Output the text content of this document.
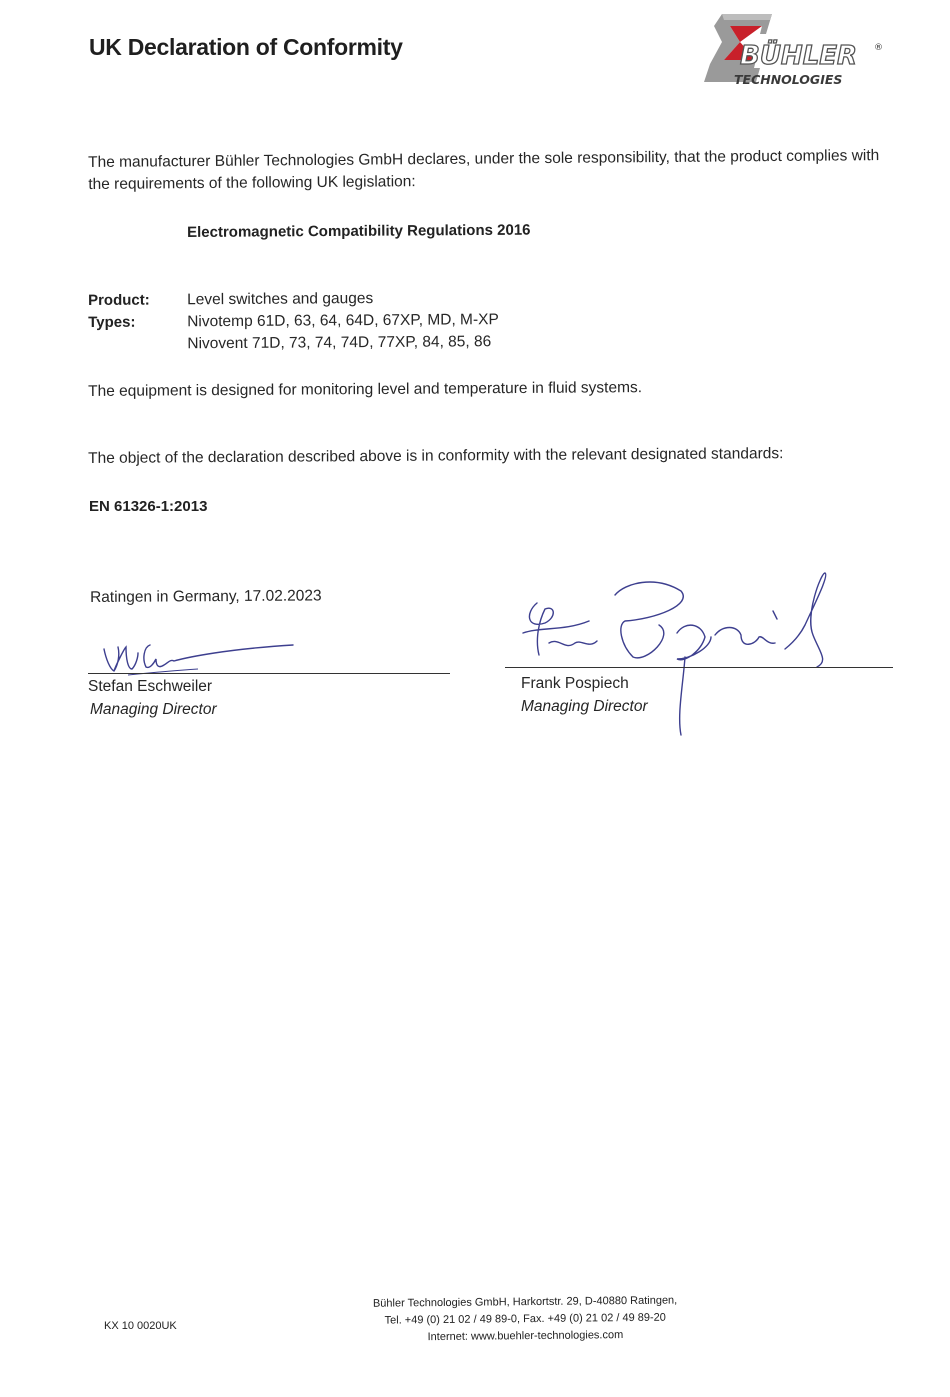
UK Declaration of Conformity	BÜHLER ®
TECHNOLOGIES
The manufacturer Bühler Technologies GmbH declares, under the sole responsibility, that the product complies with the requirements of the following UK legislation:
Electromagnetic Compatibility Regulations 2016
Product:	Level switches and gauges
Types:	Nivotemp 61D, 63, 64, 64D, 67XP, MD, M-XP
Nivovent 71D, 73, 74, 74D, 77XP, 84, 85, 86
The equipment is designed for monitoring level and temperature in fluid systems.
The object of the declaration described above is in conformity with the relevant designated standards:
EN 61326-1:2013
Ratingen in Germany, 17.02.2023
Stefan Eschweiler
Managing Director
Frank Pospiech
Managing Director
KX 10 0020UK
Bühler Technologies GmbH, Harkortstr. 29, D-40880 Ratingen,
Tel. +49 (0) 21 02 / 49 89-0, Fax. +49 (0) 21 02 / 49 89-20
Internet: www.buehler-technologies.com
